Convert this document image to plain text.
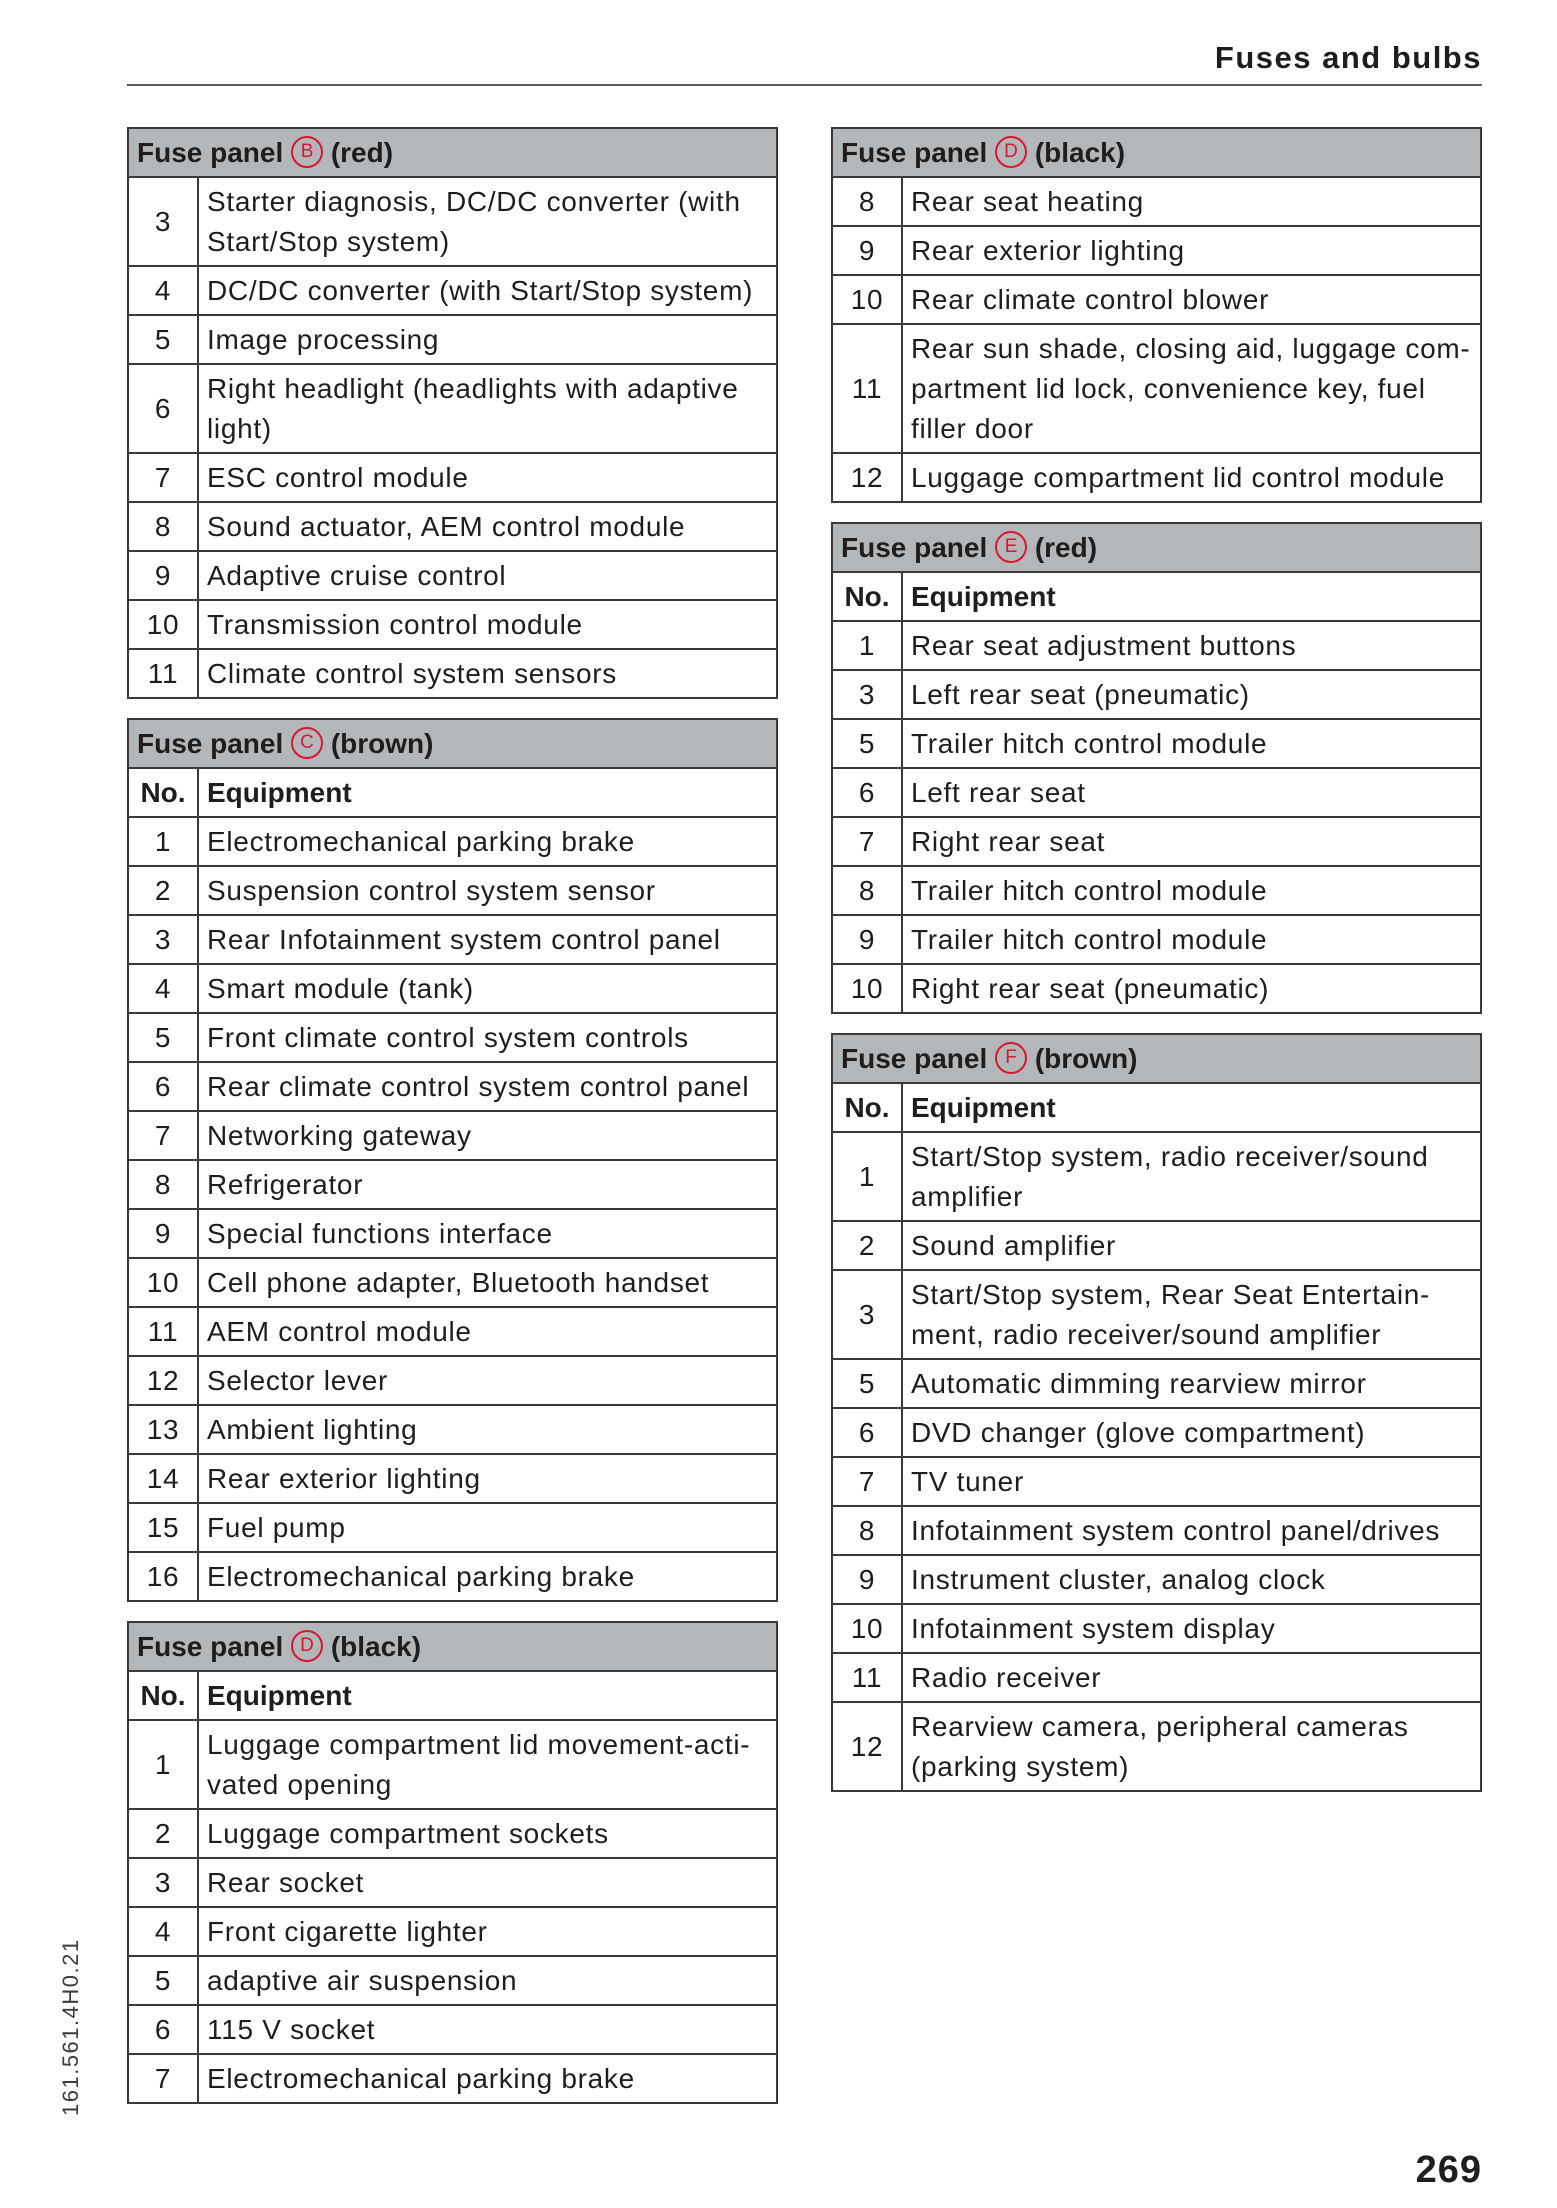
Fuses and bulbs
Fuse panel B (red)	
3	Starter diagnosis, DC/DC converter (with
Start/Stop system)
4	DC/DC converter (with Start/Stop system)
5	Image processing
6	Right headlight (headlights with adaptive
light)
7	ESC control module
8	Sound actuator, AEM control module
9	Adaptive cruise control
10	Transmission control module
11	Climate control system sensors
Fuse panel C (brown)	
No.	Equipment
1	Electromechanical parking brake
2	Suspension control system sensor
3	Rear Infotainment system control panel
4	Smart module (tank)
5	Front climate control system controls
6	Rear climate control system control panel
7	Networking gateway
8	Refrigerator
9	Special functions interface
10	Cell phone adapter, Bluetooth handset
11	AEM control module
12	Selector lever
13	Ambient lighting
14	Rear exterior lighting
15	Fuel pump
16	Electromechanical parking brake
Fuse panel D (black)	
No.	Equipment
1	Luggage compartment lid movement-acti-
vated opening
2	Luggage compartment sockets
3	Rear socket
4	Front cigarette lighter
5	adaptive air suspension
6	115 V socket
7	Electromechanical parking brake
Fuse panel D (black)	
8	Rear seat heating
9	Rear exterior lighting
10	Rear climate control blower
11	Rear sun shade, closing aid, luggage com-
partment lid lock, convenience key, fuel
filler door
12	Luggage compartment lid control module
Fuse panel E (red)	
No.	Equipment
1	Rear seat adjustment buttons
3	Left rear seat (pneumatic)
5	Trailer hitch control module
6	Left rear seat
7	Right rear seat
8	Trailer hitch control module
9	Trailer hitch control module
10	Right rear seat (pneumatic)
Fuse panel F (brown)	
No.	Equipment
1	Start/Stop system, radio receiver/sound
amplifier
2	Sound amplifier
3	Start/Stop system, Rear Seat Entertain-
ment, radio receiver/sound amplifier
5	Automatic dimming rearview mirror
6	DVD changer (glove compartment)
7	TV tuner
8	Infotainment system control panel/drives
9	Instrument cluster, analog clock
10	Infotainment system display
11	Radio receiver
12	Rearview camera, peripheral cameras
(parking system)
161.561.4H0.21
269
